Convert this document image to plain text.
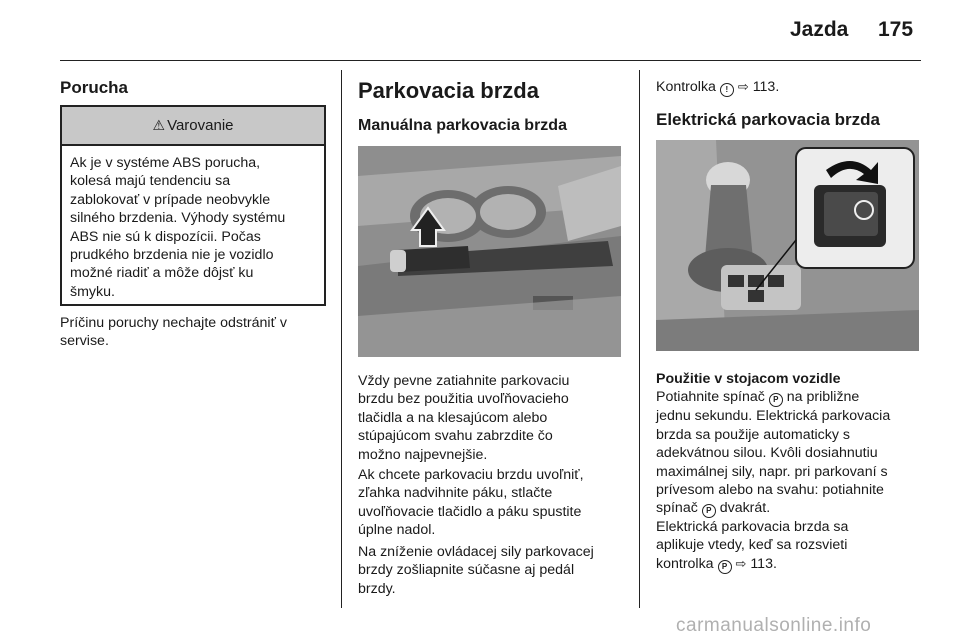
Jazda 175
Porucha
⚠ Varovanie

Ak je v systéme ABS porucha,

kolesá majú tendenciu sa

zablokovať v prípade neobvykle

silného brzdenia. Výhody systému

ABS nie sú k dispozícii. Počas

prudkého brzdenia nie je vozidlo

možné riadiť a môže dôjsť ku

šmyku.

Príčinu poruchy nechajte odstrániť v

servise.

Parkovacia brzda
Manuálna parkovacia brzda

Vždy pevne zatiahnite parkovaciu

brzdu bez použitia uvoľňovacieho

tlačidla a na klesajúcom alebo

stúpajúcom svahu zabrzdite čo

možno najpevnejšie.

Ak chcete parkovaciu brzdu uvoľniť,

zľahka nadvihnite páku, stlačte

uvoľňovacie tlačidlo a páku spustite

úplne nadol.

Na zníženie ovládacej sily parkovacej

brzdy zošliapnite súčasne aj pedál

brzdy.

Kontrolka ! ⇨ 113.

Elektrická parkovacia brzda

Použitie v stojacom vozidle

Potiahnite spínač P na približne

jednu sekundu. Elektrická parkovacia

brzda sa použije automaticky s

adekvátnou silou. Kvôli dosiahnutiu

maximálnej sily, napr. pri parkovaní s

prívesom alebo na svahu: potiahnite

spínač P dvakrát.

Elektrická parkovacia brzda sa

aplikuje vtedy, keď sa rozsvieti

kontrolka P ⇨ 113.

carmanualsonline.info
